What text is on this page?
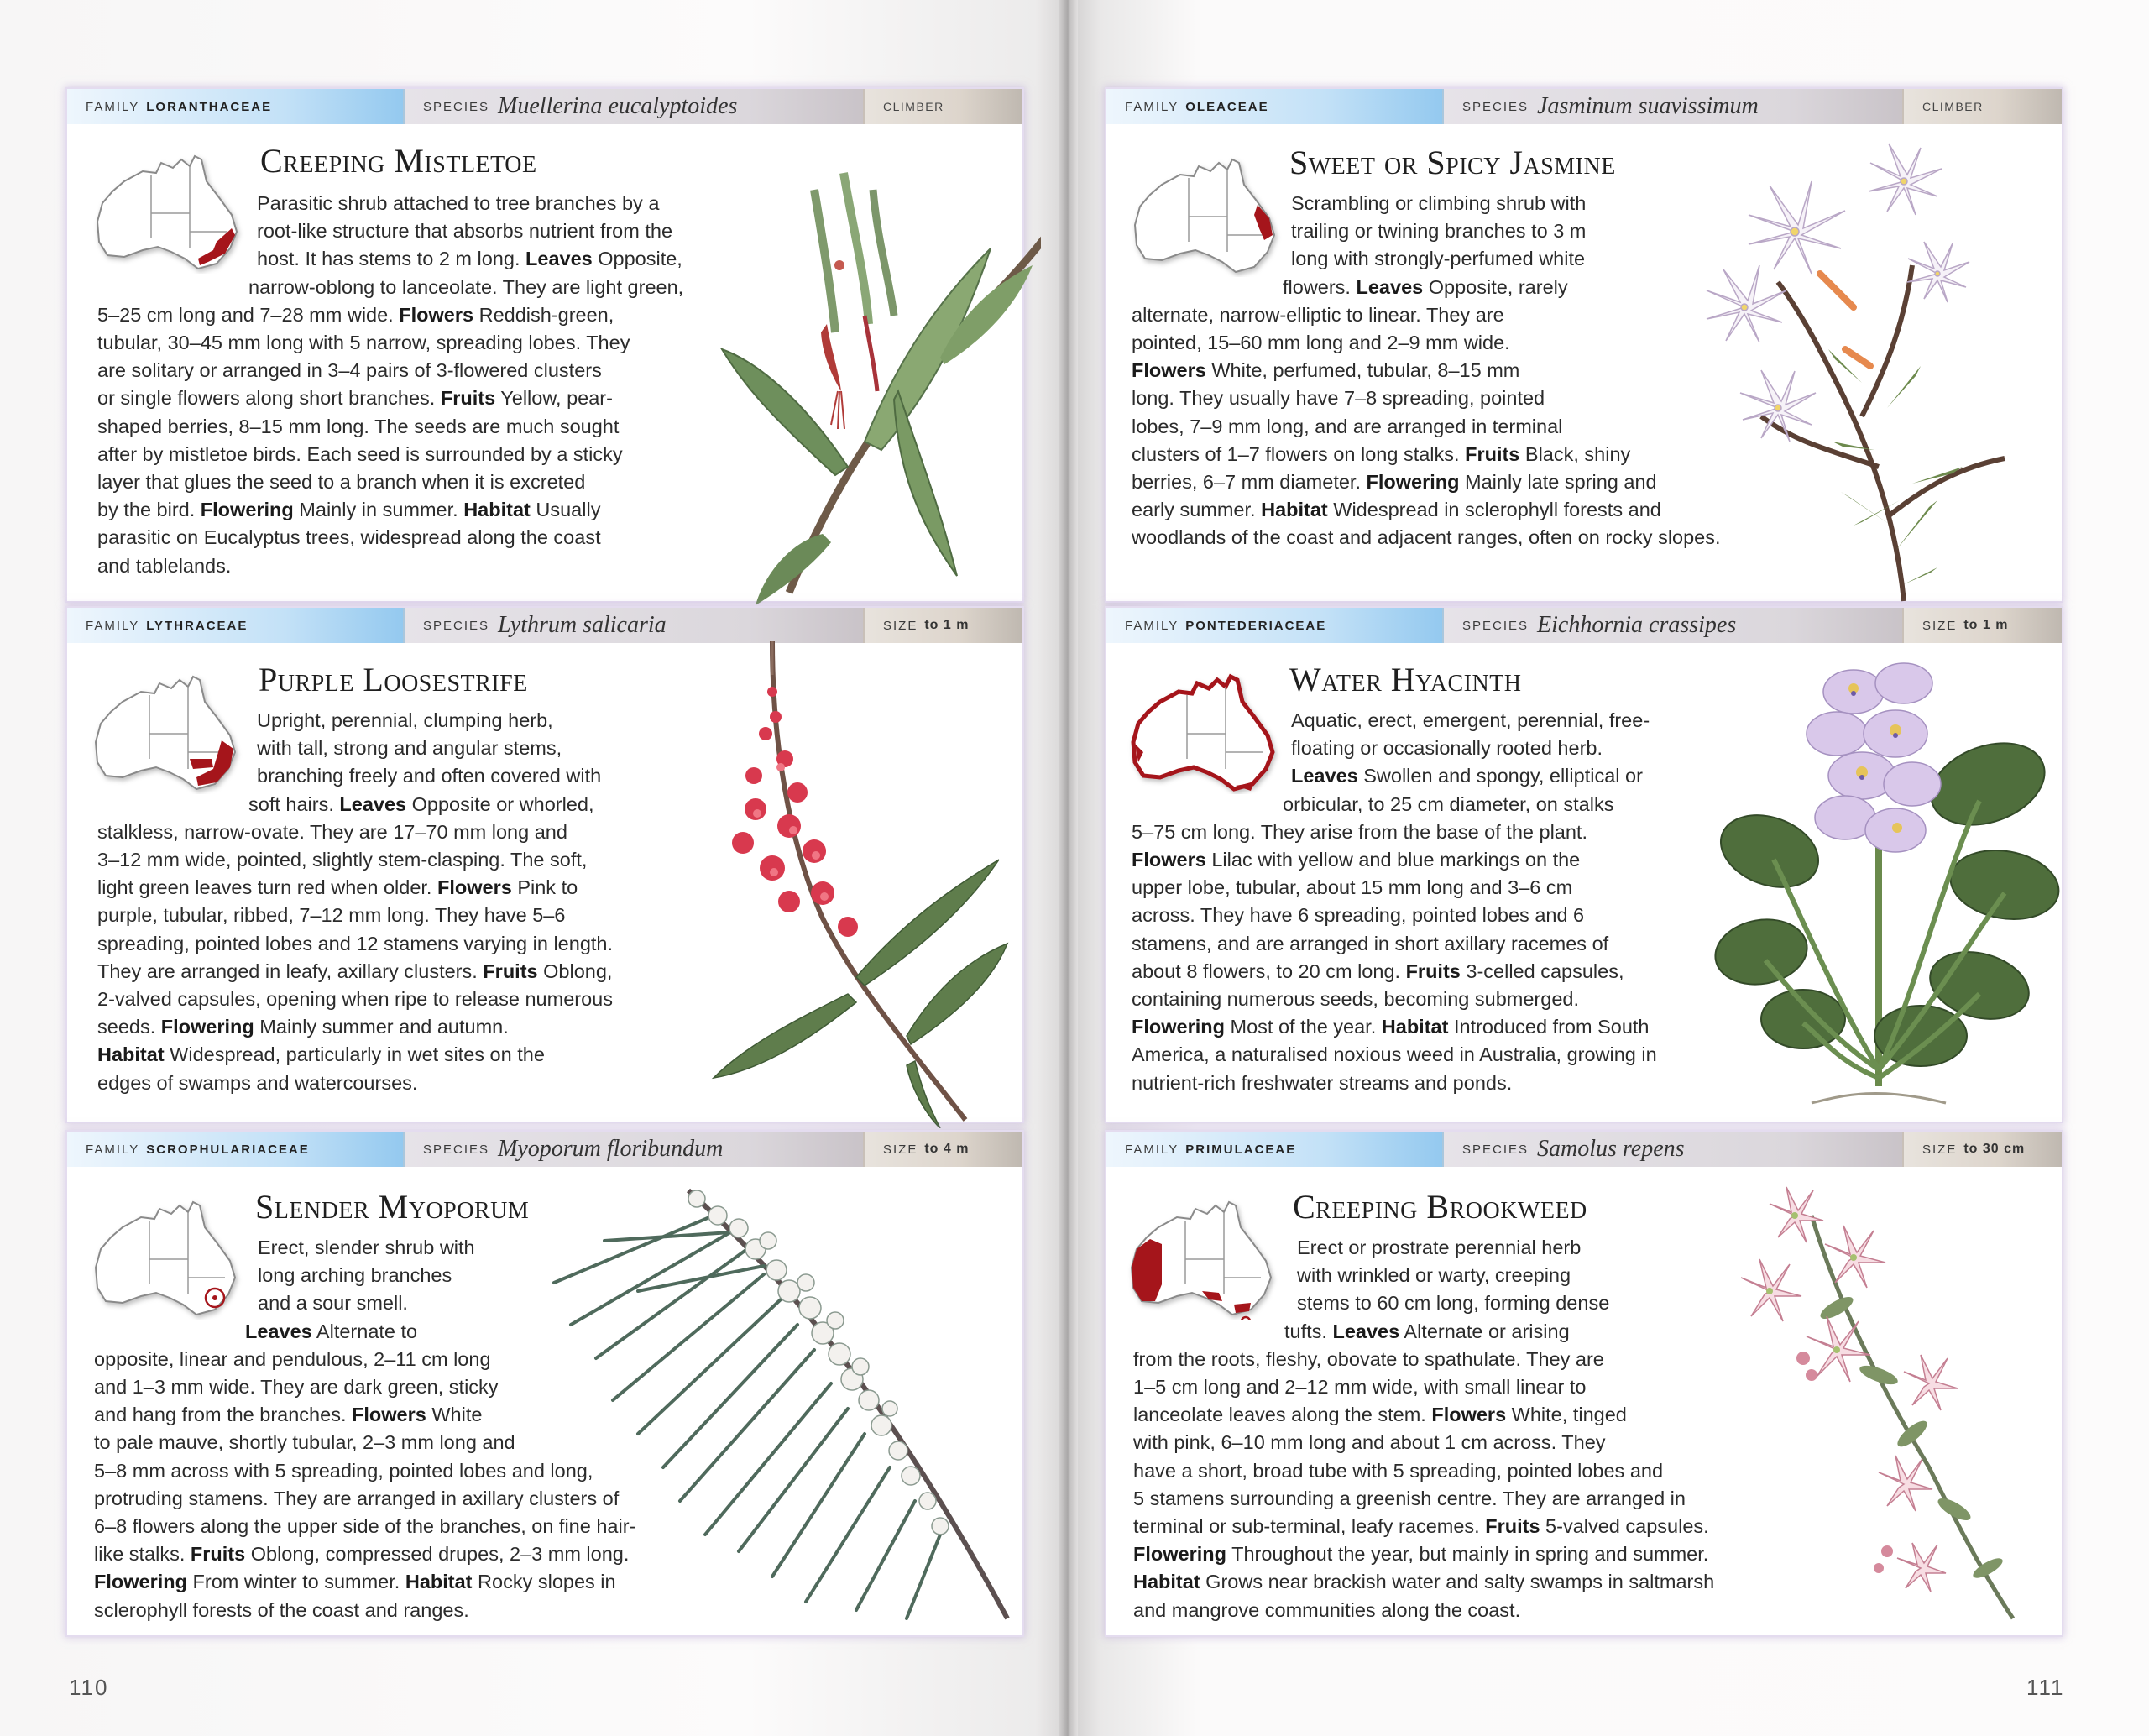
FAMILY LORANTHACEAE	SPECIES Muellerina eucalyptoides	CLIMBER
Creeping Mistletoe
Parasitic shrub attached to tree branches by a
root-like structure that absorbs nutrient from the
host. It has stems to 2 m long. Leaves Opposite,
narrow-oblong to lanceolate. They are light green,
5–25 cm long and 7–28 mm wide. Flowers Reddish-green,
tubular, 30–45 mm long with 5 narrow, spreading lobes. They
are solitary or arranged in 3–4 pairs of 3-flowered clusters
or single flowers along short branches. Fruits Yellow, pear-
shaped berries, 8–15 mm long. The seeds are much sought
after by mistletoe birds. Each seed is surrounded by a sticky
layer that glues the seed to a branch when it is excreted
by the bird. Flowering Mainly in summer. Habitat Usually
parasitic on Eucalyptus trees, widespread along the coast
and tablelands.
FAMILY OLEACEAE	SPECIES Jasminum suavissimum	CLIMBER
Sweet or Spicy Jasmine
Scrambling or climbing shrub with
trailing or twining branches to 3 m
long with strongly-perfumed white
flowers. Leaves Opposite, rarely
alternate, narrow-elliptic to linear. They are
pointed, 15–60 mm long and 2–9 mm wide.
Flowers White, perfumed, tubular, 8–15 mm
long. They usually have 7–8 spreading, pointed
lobes, 7–9 mm long, and are arranged in terminal
clusters of 1–7 flowers on long stalks. Fruits Black, shiny
berries, 6–7 mm diameter. Flowering Mainly late spring and
early summer. Habitat Widespread in sclerophyll forests and
woodlands of the coast and adjacent ranges, often on rocky slopes.
FAMILY LYTHRACEAE	SPECIES Lythrum salicaria	SIZE to 1 m
Purple Loosestrife
Upright, perennial, clumping herb,
with tall, strong and angular stems,
branching freely and often covered with
soft hairs. Leaves Opposite or whorled,
stalkless, narrow-ovate. They are 17–70 mm long and
3–12 mm wide, pointed, slightly stem-clasping. The soft,
light green leaves turn red when older. Flowers Pink to
purple, tubular, ribbed, 7–12 mm long. They have 5–6
spreading, pointed lobes and 12 stamens varying in length.
They are arranged in leafy, axillary clusters. Fruits Oblong,
2-valved capsules, opening when ripe to release numerous
seeds. Flowering Mainly summer and autumn.
Habitat Widespread, particularly in wet sites on the
edges of swamps and watercourses.
FAMILY PONTEDERIACEAE	SPECIES Eichhornia crassipes	SIZE to 1 m
Water Hyacinth
Aquatic, erect, emergent, perennial, free-
floating or occasionally rooted herb.
Leaves Swollen and spongy, elliptical or
orbicular, to 25 cm diameter, on stalks
5–75 cm long. They arise from the base of the plant.
Flowers Lilac with yellow and blue markings on the
upper lobe, tubular, about 15 mm long and 3–6 cm
across. They have 6 spreading, pointed lobes and 6
stamens, and are arranged in short axillary racemes of
about 8 flowers, to 20 cm long. Fruits 3-celled capsules,
containing numerous seeds, becoming submerged.
Flowering Most of the year. Habitat Introduced from South
America, a naturalised noxious weed in Australia, growing in
nutrient-rich freshwater streams and ponds.
FAMILY SCROPHULARIACEAE	SPECIES Myoporum floribundum	SIZE to 4 m
Slender Myoporum
Erect, slender shrub with
long arching branches
and a sour smell.
Leaves Alternate to
opposite, linear and pendulous, 2–11 cm long
and 1–3 mm wide. They are dark green, sticky
and hang from the branches. Flowers White
to pale mauve, shortly tubular, 2–3 mm long and
5–8 mm across with 5 spreading, pointed lobes and long,
protruding stamens. They are arranged in axillary clusters of
6–8 flowers along the upper side of the branches, on fine hair-
like stalks. Fruits Oblong, compressed drupes, 2–3 mm long.
Flowering From winter to summer. Habitat Rocky slopes in
sclerophyll forests of the coast and ranges.
FAMILY PRIMULACEAE	SPECIES Samolus repens	SIZE to 30 cm
Creeping Brookweed
Erect or prostrate perennial herb
with wrinkled or warty, creeping
stems to 60 cm long, forming dense
tufts. Leaves Alternate or arising
from the roots, fleshy, obovate to spathulate. They are
1–5 cm long and 2–12 mm wide, with small linear to
lanceolate leaves along the stem. Flowers White, tinged
with pink, 6–10 mm long and about 1 cm across. They
have a short, broad tube with 5 spreading, pointed lobes and
5 stamens surrounding a greenish centre. They are arranged in
terminal or sub-terminal, leafy racemes. Fruits 5-valved capsules.
Flowering Throughout the year, but mainly in spring and summer.
Habitat Grows near brackish water and salty swamps in saltmarsh
and mangrove communities along the coast.
110	111
